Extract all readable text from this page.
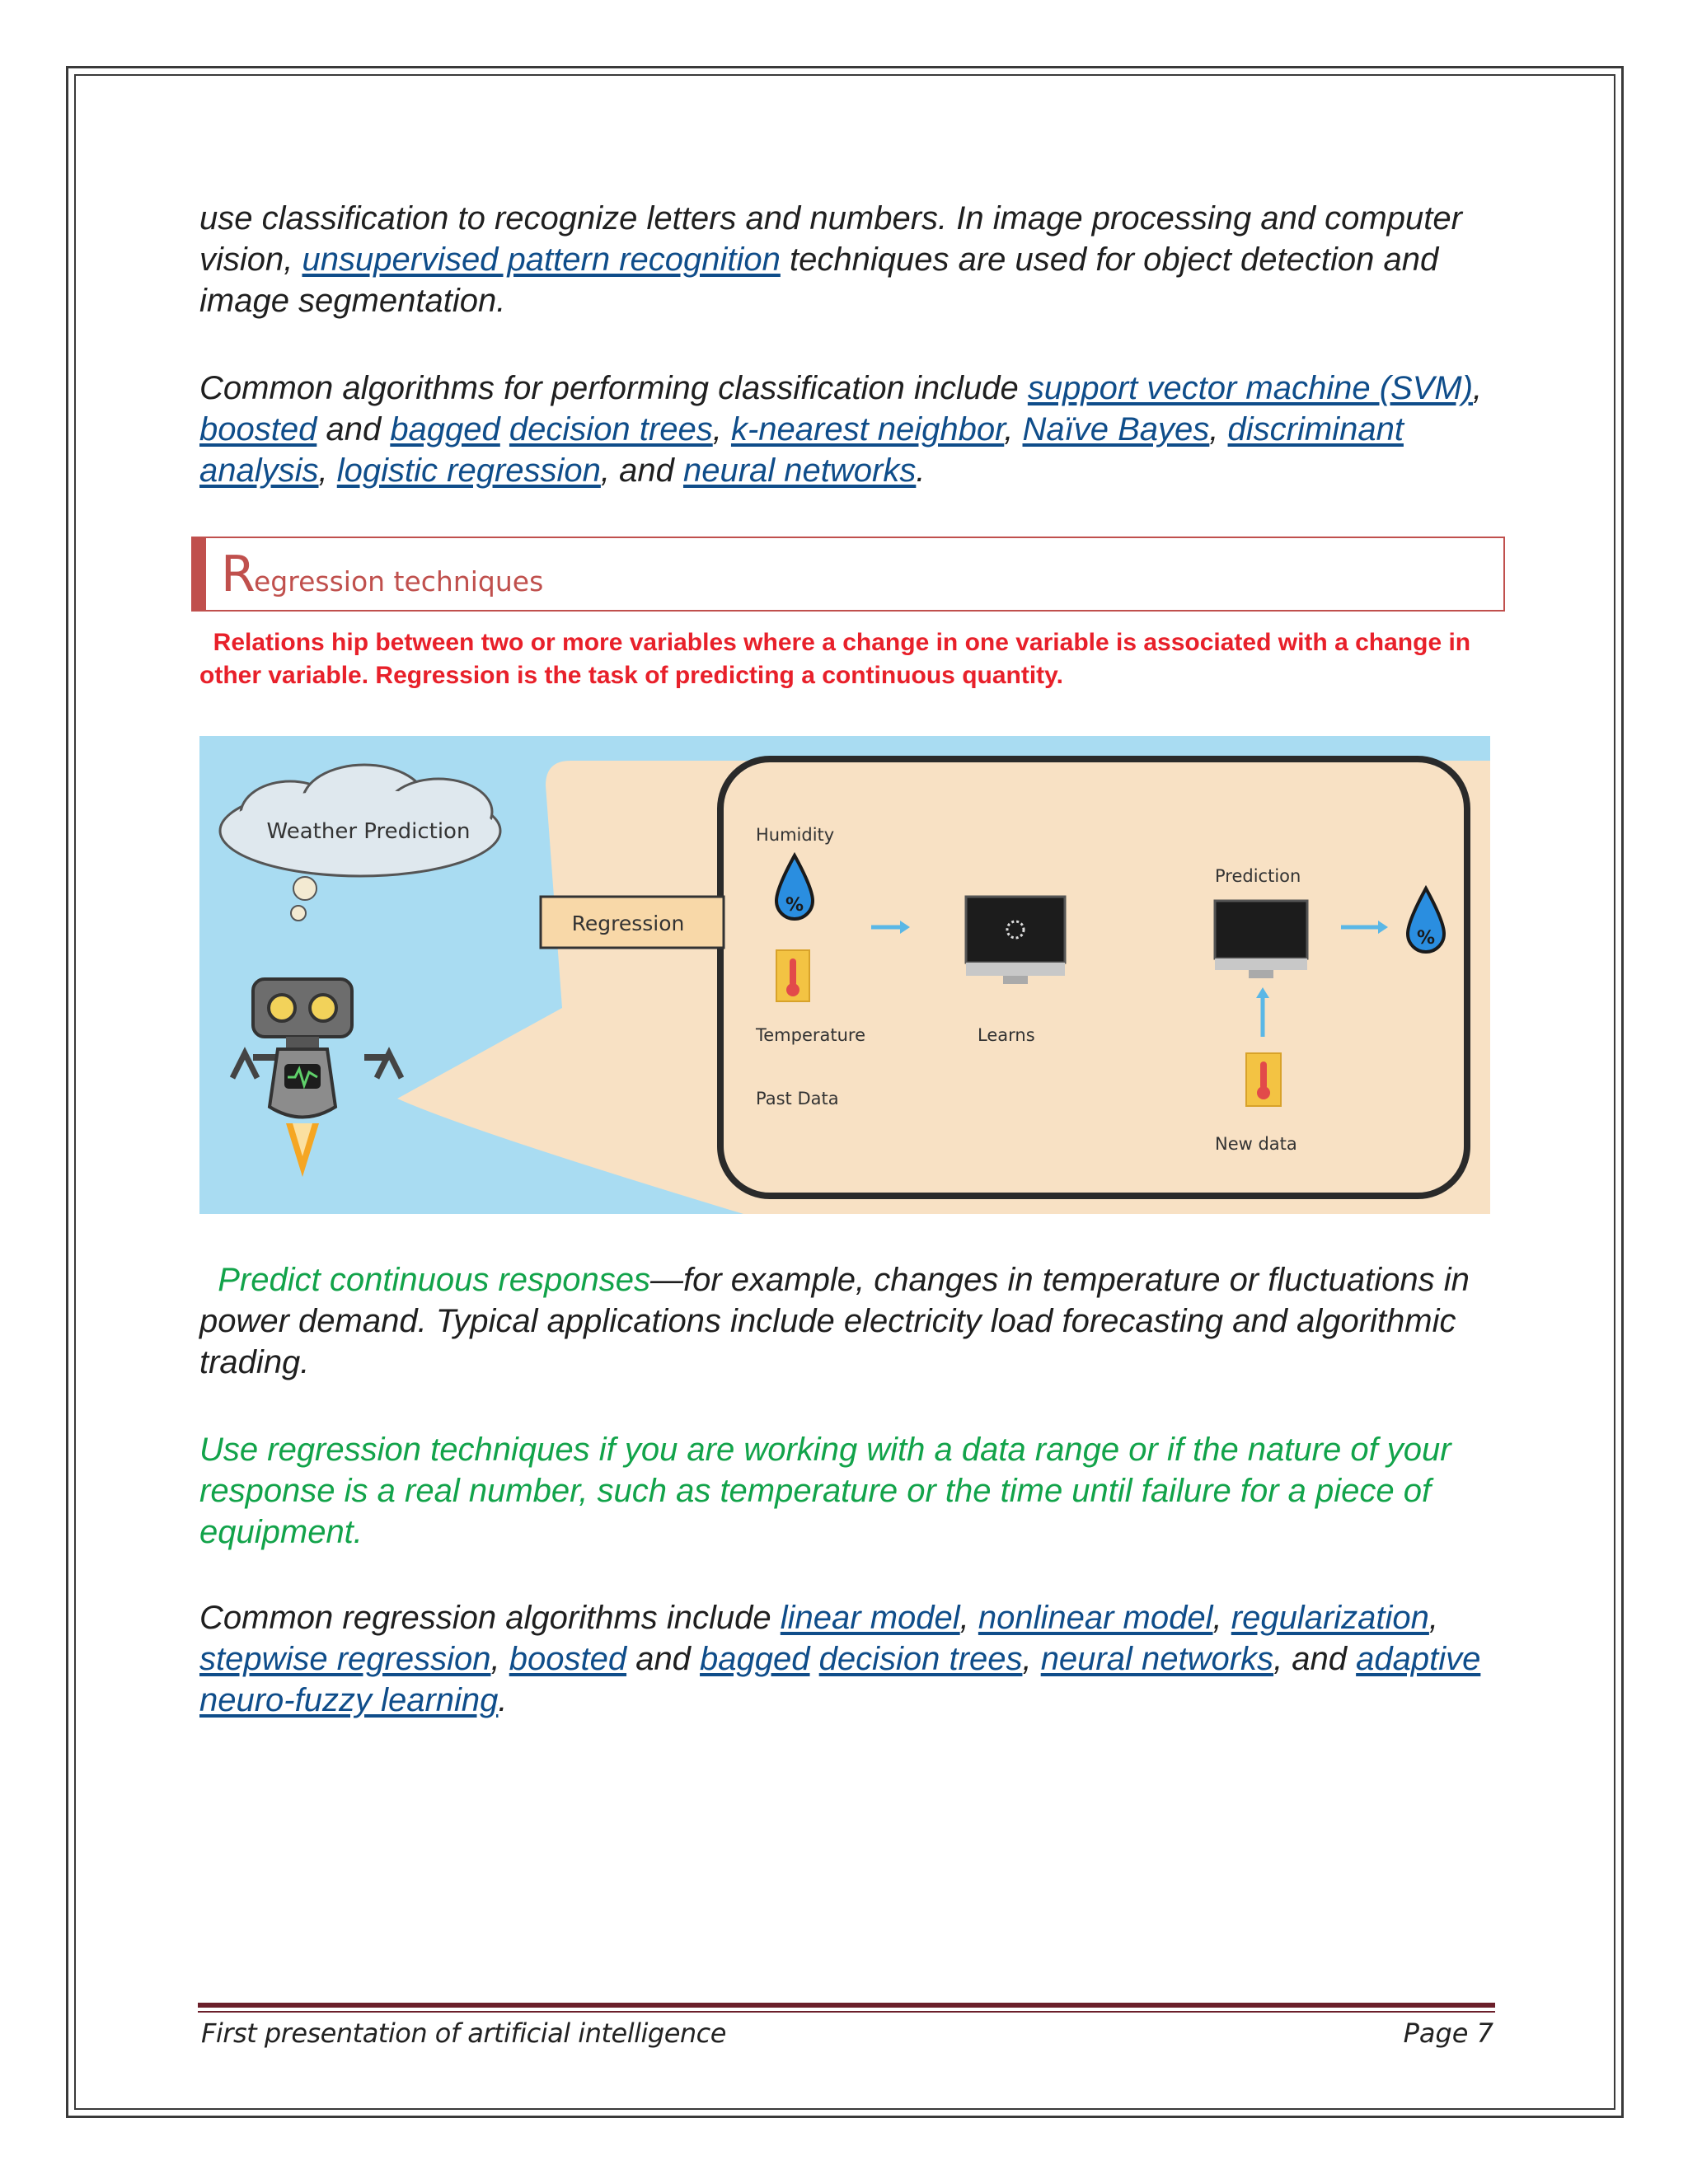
use classification to recognize letters and numbers. In image processing and computer vision, unsupervised pattern recognition techniques are used for object detection and image segmentation.

Common algorithms for performing classification include support vector machine (SVM), boosted and bagged decision trees, k-nearest neighbor, Naïve Bayes, discriminant analysis, logistic regression, and neural networks.

R
egression techniques

Relations hip between two or more variables where a change in one variable is associated with a change in other variable. Regression is the task of predicting a continuous quantity.

Weather Prediction
Regression
Humidity
%
Temperature
Past Data
Learns
Prediction
%
New data

Predict continuous responses—for example, changes in temperature or fluctuations in power demand. Typical applications include electricity load forecasting and algorithmic trading.

Use regression techniques if you are working with a data range or if the nature of your response is a real number, such as temperature or the time until failure for a piece of equipment.

Common regression algorithms include linear model, nonlinear model, regularization, stepwise regression, boosted and bagged decision trees, neural networks, and adaptive neuro-fuzzy learning.

First presentation of artificial intelligence	Page 7
